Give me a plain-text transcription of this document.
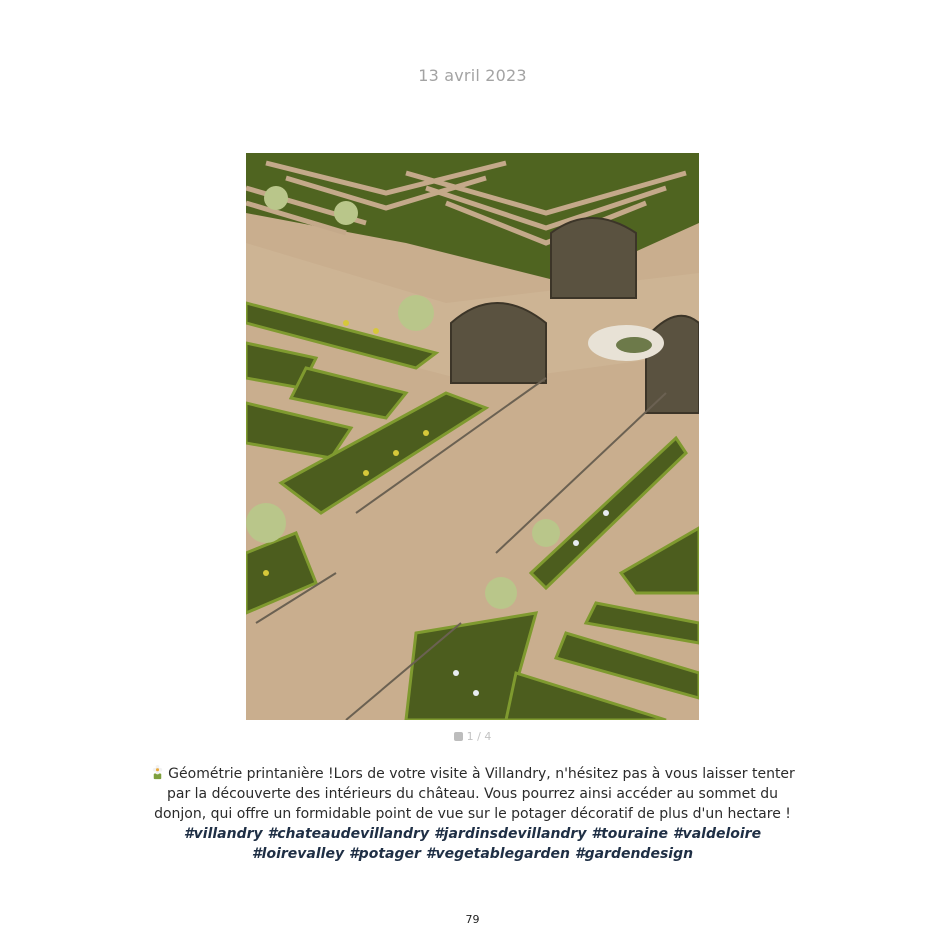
13 avril 2023
1 / 4
Géométrie printanière !Lors de votre visite à Villandry, n'hésitez pas à vous laisser tenter par la découverte des intérieurs du château. Vous pourrez ainsi accéder au sommet du donjon, qui offre un formidable point de vue sur le potager décoratif de plus d'un hectare !
#villandry #chateaudevillandry #jardinsdevillandry #touraine #valdeloire #loirevalley #potager #vegetablegarden #gardendesign
79
